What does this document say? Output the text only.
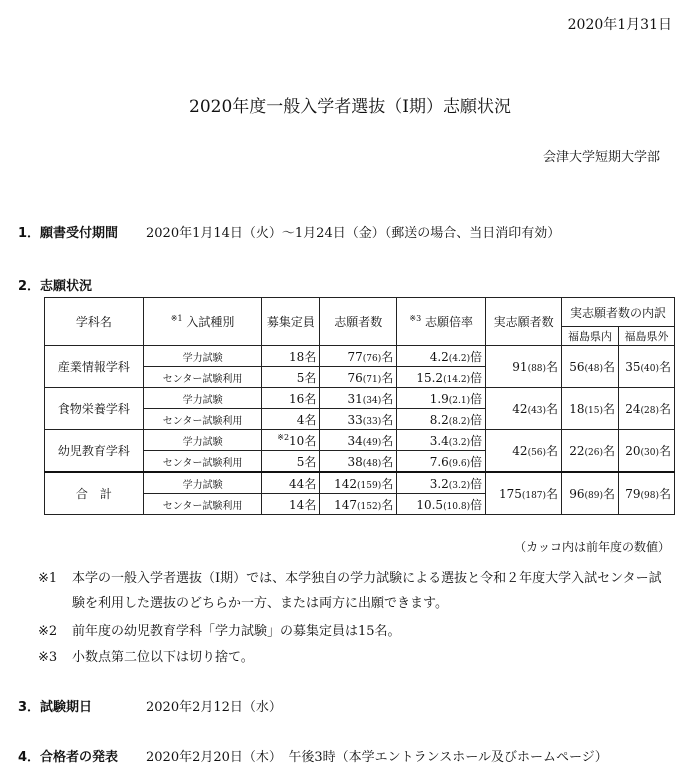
2020年1月31日
2020年度一般入学者選抜（Ⅰ期）志願状況
会津大学短期大学部
1．願書受付期間 2020年1月14日（火）～1月24日（金）（郵送の場合、当日消印有効）
2．志願状況
学科名	$^{※1}$ 入試種別	募集定員	志願者数	$^{※3}$ 志願倍率	実志願者数	実志願者数の内訳	
						福島県内	福島県外
産業情報学科	学力試験	18名	77(76)名	4.2(4.2)倍	91(88)名	56(48)名	35(40)名
	センター試験利用	5名	76(71)名	15.2(14.2)倍			
食物栄養学科	学力試験	16名	31(34)名	1.9(2.1)倍	42(43)名	18(15)名	24(28)名
	センター試験利用	4名	33(33)名	8.2(8.2)倍			
幼児教育学科	学力試験	$^{※2}$10名	34(49)名	3.4(3.2)倍	42(56)名	22(26)名	20(30)名
	センター試験利用	5名	38(48)名	7.6(9.6)倍			
合　計	学力試験	44名	142(159)名	3.2(3.2)倍	175(187)名	96(89)名	79(98)名
	センター試験利用	14名	147(152)名	10.5(10.8)倍			
（カッコ内は前年度の数値）
※1 本学の一般入学者選抜（Ⅰ期）では、本学独自の学力試験による選抜と令和２年度大学入試センター試
験を利用した選抜のどちらか一方、または両方に出願できます。
※2 前年度の幼児教育学科「学力試験」の募集定員は15名。
※3 小数点第二位以下は切り捨て。
3．試験期日	2020年2月12日（水）
4．合格者の発表 2020年2月20日（木）　午後3時（本学エントランスホール及びホームページ）
